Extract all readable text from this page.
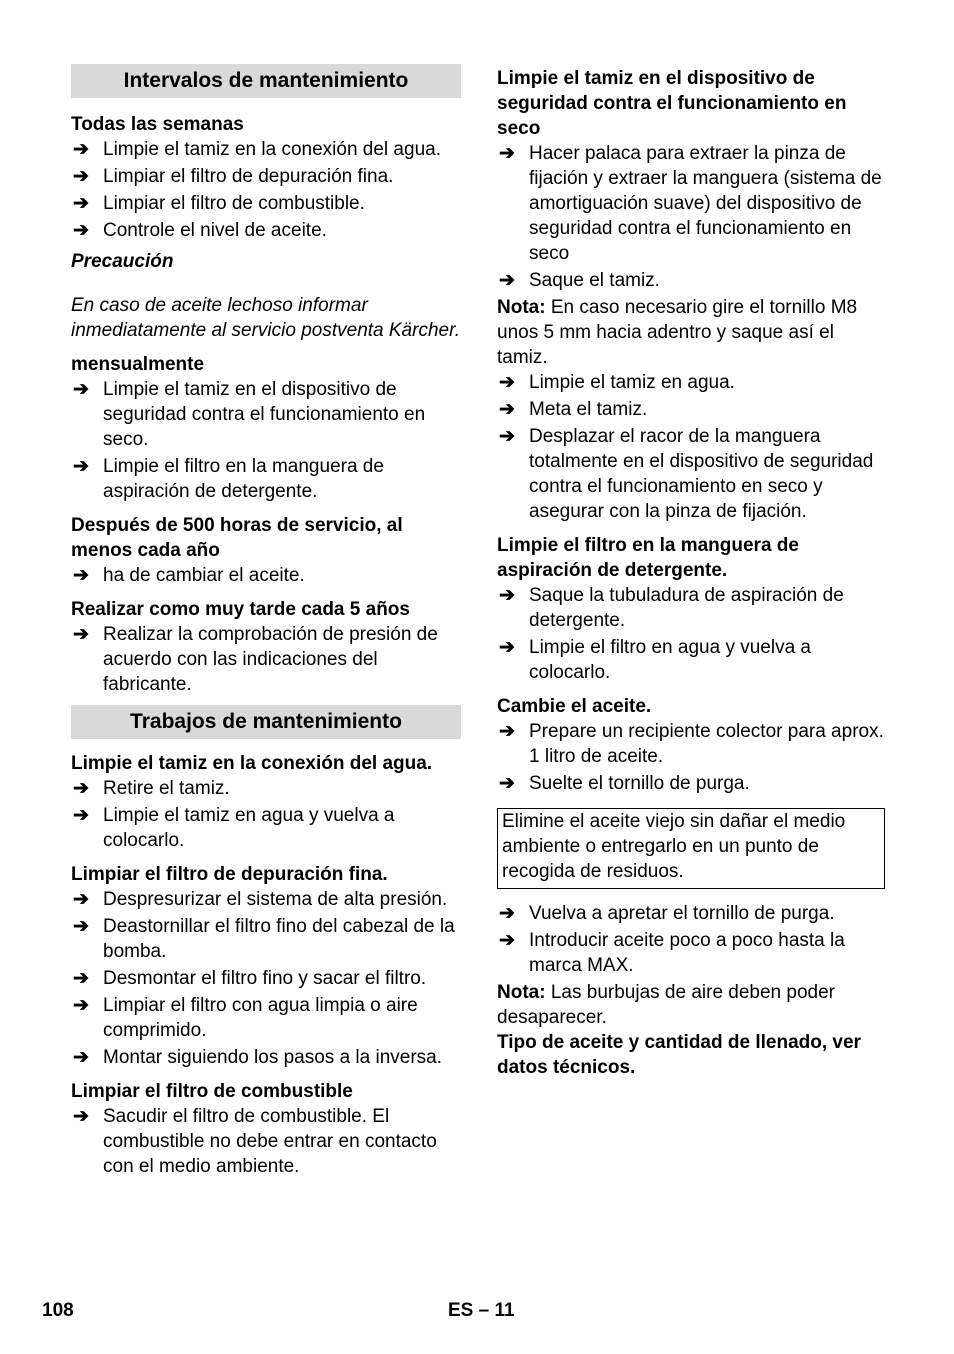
Intervalos de mantenimiento

Todas las semanas

➔ Limpie el tamiz en la conexión del agua.
➔ Limpiar el filtro de depuración fina.
➔ Limpiar el filtro de combustible.
➔ Controle el nivel de aceite.

Precaución

En caso de aceite lechoso informar inmediatamente al servicio postventa Kärcher.

mensualmente

➔ Limpie el tamiz en el dispositivo de seguridad contra el funcionamiento en seco.
➔ Limpie el filtro en la manguera de aspiración de detergente.

Después de 500 horas de servicio, al menos cada año

➔ ha de cambiar el aceite.

Realizar como muy tarde cada 5 años

➔ Realizar la comprobación de presión de acuerdo con las indicaciones del fabricante.
Trabajos de mantenimiento

Limpie el tamiz en la conexión del agua.

➔ Retire el tamiz.
➔ Limpie el tamiz en agua y vuelva a colocarlo.

Limpiar el filtro de depuración fina.

➔ Despresurizar el sistema de alta presión.
➔ Deastornillar el filtro fino del cabezal de la bomba.
➔ Desmontar el filtro fino y sacar el filtro.
➔ Limpiar el filtro con agua limpia o aire comprimido.
➔ Montar siguiendo los pasos a la inversa.

Limpiar el filtro de combustible

➔ Sacudir el filtro de combustible. El combustible no debe entrar en contacto con el medio ambiente.

Limpie el tamiz en el dispositivo de seguridad contra el funcionamiento en seco

➔ Hacer palaca para extraer la pinza de fijación y extraer la manguera (sistema de amortiguación suave) del dispositivo de seguridad contra el funcionamiento en seco
➔ Saque el tamiz.

Nota: En caso necesario gire el tornillo M8 unos 5 mm hacia adentro y saque así el tamiz.

➔ Limpie el tamiz en agua.
➔ Meta el tamiz.
➔ Desplazar el racor de la manguera totalmente en el dispositivo de seguridad contra el funcionamiento en seco y asegurar con la pinza de fijación.

Limpie el filtro en la manguera de aspiración de detergente.

➔ Saque la tubuladura de aspiración de detergente.
➔ Limpie el filtro en agua y vuelva a colocarlo.

Cambie el aceite.

➔ Prepare un recipiente colector para aprox. 1 litro de aceite.
➔ Suelte el tornillo de purga.
Elimine el aceite viejo sin dañar el medio ambiente o entregarlo en un punto de recogida de residuos.
➔ Vuelva a apretar el tornillo de purga.
➔ Introducir aceite poco a poco hasta la marca MAX.

Nota: Las burbujas de aire deben poder desaparecer.

Tipo de aceite y cantidad de llenado, ver datos técnicos.

108	ES – 11
